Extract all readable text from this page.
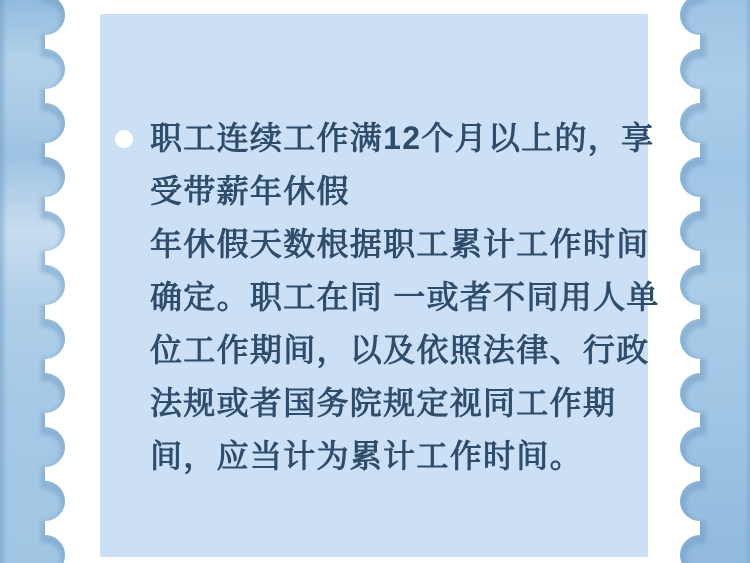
职工连续工作满12个月以上的，享
受带薪年休假
年休假天数根据职工累计工作时间
确定。职工在同 一或者不同用人单
位工作期间，以及依照法律、行政
法规或者国务院规定视同工作期
间，应当计为累计工作时间。
